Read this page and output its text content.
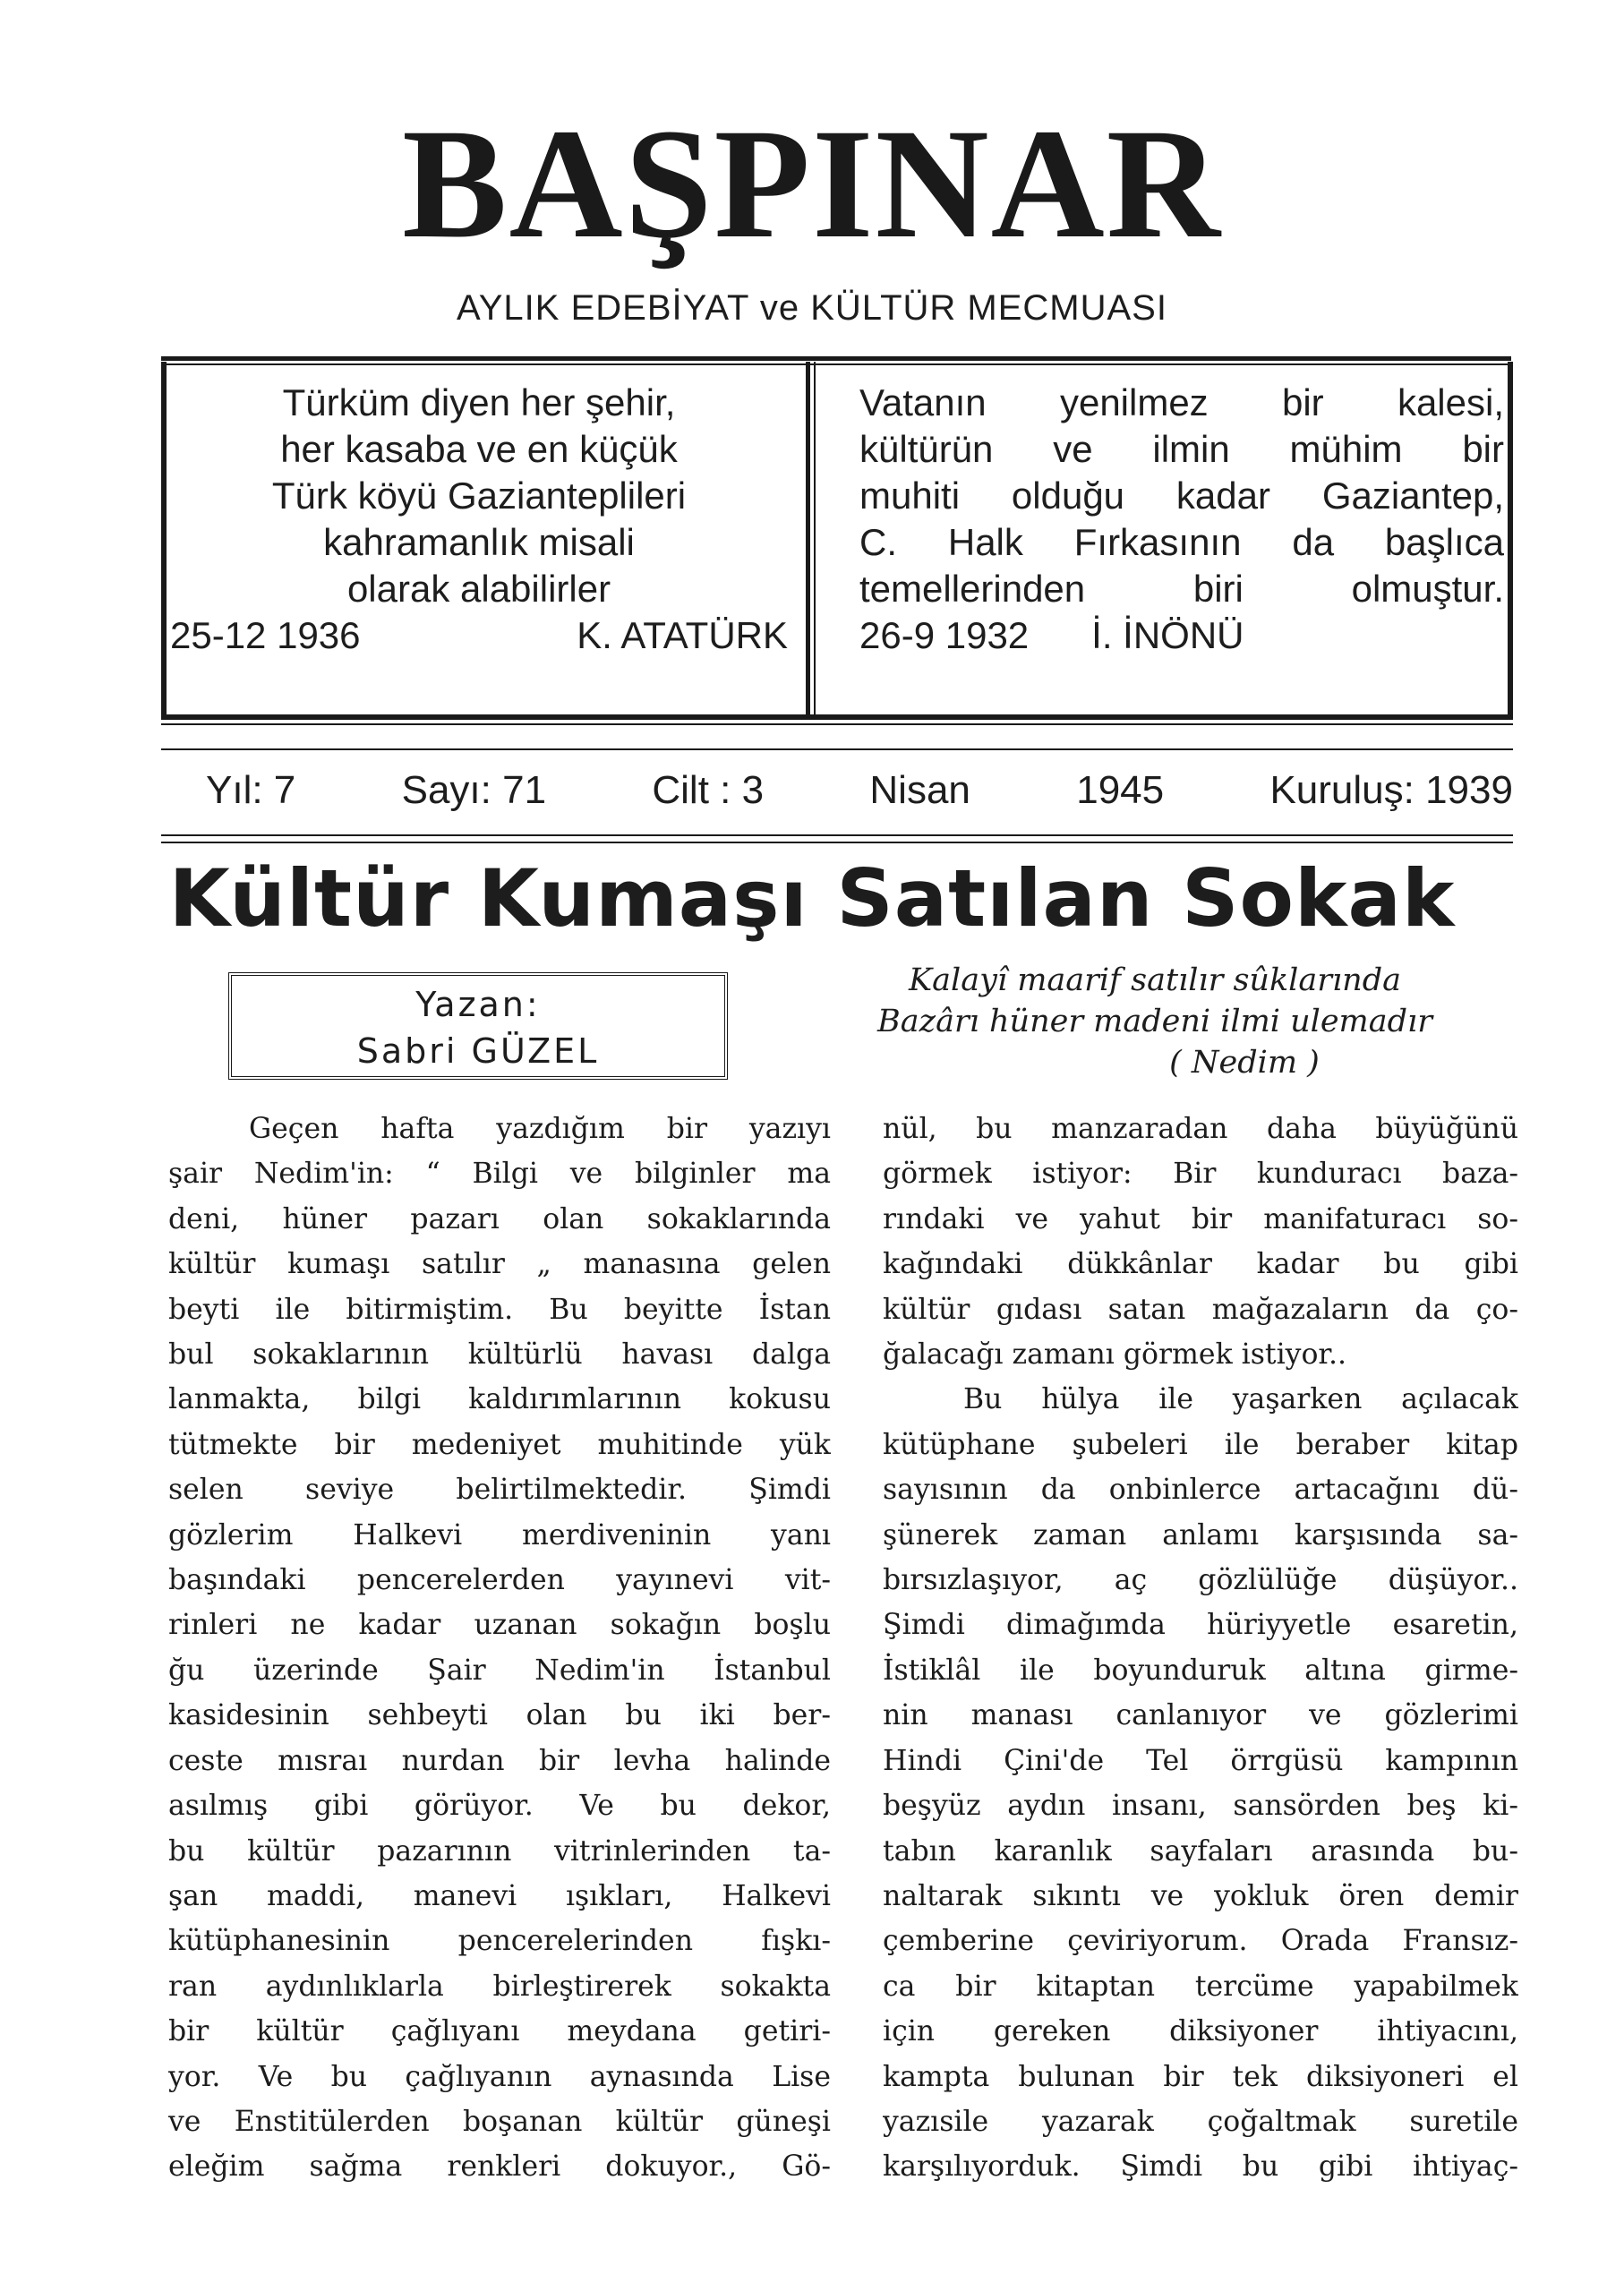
BAŞPINAR
AYLIK EDEBİYAT ve KÜLTÜR MECMUASI
Türküm diyen her şehir,
her kasaba ve en küçük
Türk köyü Gazianteplileri
kahramanlık misali
olarak alabilirler
25-12 1936	K. ATATÜRK
Vatanın yenilmez bir kalesi,
kültürün ve ilmin mühim bir
muhiti olduğu kadar Gaziantep,
C. Halk Fırkasının da başlıca
temellerinden biri olmuştur.
26-9 1932 İ. İNÖNÜ
Yıl: 7	Sayı: 71	Cilt : 3	Nisan	1945	Kuruluş: 1939
Kültür Kumaşı Satılan Sokak
Yazan:
Sabri GÜZEL
Kalayî maarif satılır sûklarında
Bazârı hüner madeni ilmi ulemadır
( Nedim )
Geçen hafta yazdığım bir yazıyı
şair Nedim'in: “ Bilgi ve bilginler ma
deni, hüner pazarı olan sokaklarında
kültür kumaşı satılır „ manasına gelen
beyti ile bitirmiştim. Bu beyitte İstan
bul sokaklarının kültürlü havası dalga
lanmakta, bilgi kaldırımlarının kokusu
tütmekte bir medeniyet muhitinde yük
selen seviye belirtilmektedir. Şimdi
gözlerim Halkevi merdiveninin yanı
başındaki pencerelerden yayınevi vit-
rinleri ne kadar uzanan sokağın boşlu
ğu üzerinde Şair Nedim'in İstanbul
kasidesinin sehbeyti olan bu iki ber-
ceste mısraı nurdan bir levha halinde
asılmış gibi görüyor. Ve bu dekor,
bu kültür pazarının vitrinlerinden ta-
şan maddi, manevi ışıkları, Halkevi
kütüphanesinin pencerelerinden fışkı-
ran aydınlıklarla birleştirerek sokakta
bir kültür çağlıyanı meydana getiri-
yor. Ve bu çağlıyanın aynasında Lise
ve Enstitülerden boşanan kültür güneşi
eleğim sağma renkleri dokuyor., Gö-
nül, bu manzaradan daha büyüğünü
görmek istiyor: Bir kunduracı baza-
rındaki ve yahut bir manifaturacı so-
kağındaki dükkânlar kadar bu gibi
kültür gıdası satan mağazaların da ço-
ğalacağı zamanı görmek istiyor..
Bu hülya ile yaşarken açılacak
kütüphane şubeleri ile beraber kitap
sayısının da onbinlerce artacağını dü-
şünerek zaman anlamı karşısında sa-
bırsızlaşıyor, aç gözlülüğe düşüyor..
Şimdi dimağımda hüriyyetle esaretin,
İstiklâl ile boyunduruk altına girme-
nin manası canlanıyor ve gözlerimi
Hindi Çini'de Tel örrgüsü kampının
beşyüz aydın insanı, sansörden beş ki-
tabın karanlık sayfaları arasında bu-
naltarak sıkıntı ve yokluk ören demir
çemberine çeviriyorum. Orada Fransız-
ca bir kitaptan tercüme yapabilmek
için gereken diksiyoner ihtiyacını,
kampta bulunan bir tek diksiyoneri el
yazısile yazarak çoğaltmak suretile
karşılıyorduk. Şimdi bu gibi ihtiyaç-
